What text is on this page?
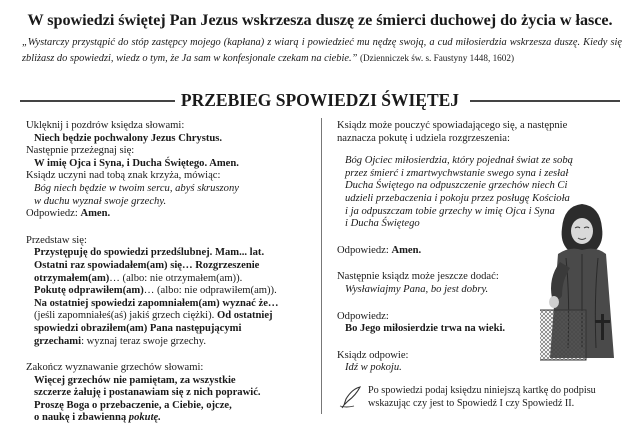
W spowiedzi świętej Pan Jezus wskrzesza duszę ze śmierci duchowej do życia w łasce.
„Wystarczy przystąpić do stóp zastępcy mojego (kapłana) z wiarą i powiedzieć mu nędzę swoją, a cud miłosierdzia wskrzesza duszę. Kiedy się zbliżasz do spowiedzi, wiedz o tym, że Ja sam w konfesjonale czekam na ciebie.” (Dzienniczek św. s. Faustyny 1448, 1602)
PRZEBIEG SPOWIEDZI ŚWIĘTEJ
Uklęknij i pozdrów księdza słowami:
Niech będzie pochwalony Jezus Chrystus.
Następnie przeżegnaj się:
W imię Ojca i Syna, i Ducha Świętego. Amen.
Ksiądz uczyni nad tobą znak krzyża, mówiąc:
Bóg niech będzie w twoim sercu, abyś skruszony
w duchu wyznał swoje grzechy.
Odpowiedz: Amen.
Przedstaw się:
Przystępuję do spowiedzi przedślubnej. Mam... lat.
Ostatni raz spowiadałem(am) się… Rozgrzeszenie
otrzymałem(am)… (albo: nie otrzymałem(am)).
Pokutę odprawiłem(am)… (albo: nie odprawiłem(am)).
Na ostatniej spowiedzi zapomniałem(am) wyznać że…
(jeśli zapomniałeś(aś) jakiś grzech ciężki). Od ostatniej
spowiedzi obraziłem(am) Pana następującymi
grzechami: wyznaj teraz swoje grzechy.
Zakończ wyznawanie grzechów słowami:
Więcej grzechów nie pamiętam, za wszystkie
szczerze żałuję i postanawiam się z nich poprawić.
Proszę Boga o przebaczenie, a Ciebie, ojcze,
o naukę i zbawienną pokutę.
Ksiądz może pouczyć spowiadającego się, a następnie
naznacza pokutę i udziela rozgrzeszenia:
Bóg Ojciec miłosierdzia, który pojednał świat ze sobą
przez śmierć i zmartwychwstanie swego syna i zesłał
Ducha Świętego na odpuszczenie grzechów niech Ci
udzieli przebaczenia i pokoju przez posługę Kościoła
i ja odpuszczam tobie grzechy w imię Ojca i Syna
i Ducha Świętego
Odpowiedz: Amen.
Następnie ksiądz może jeszcze dodać:
Wysławiajmy Pana, bo jest dobry.
Odpowiedz:
Bo Jego miłosierdzie trwa na wieki.
Ksiądz odpowie:
Idź w pokoju.
Po spowiedzi podaj księdzu niniejszą kartkę do podpisu
wskazując czy jest to Spowiedź I czy Spowiedź II.
